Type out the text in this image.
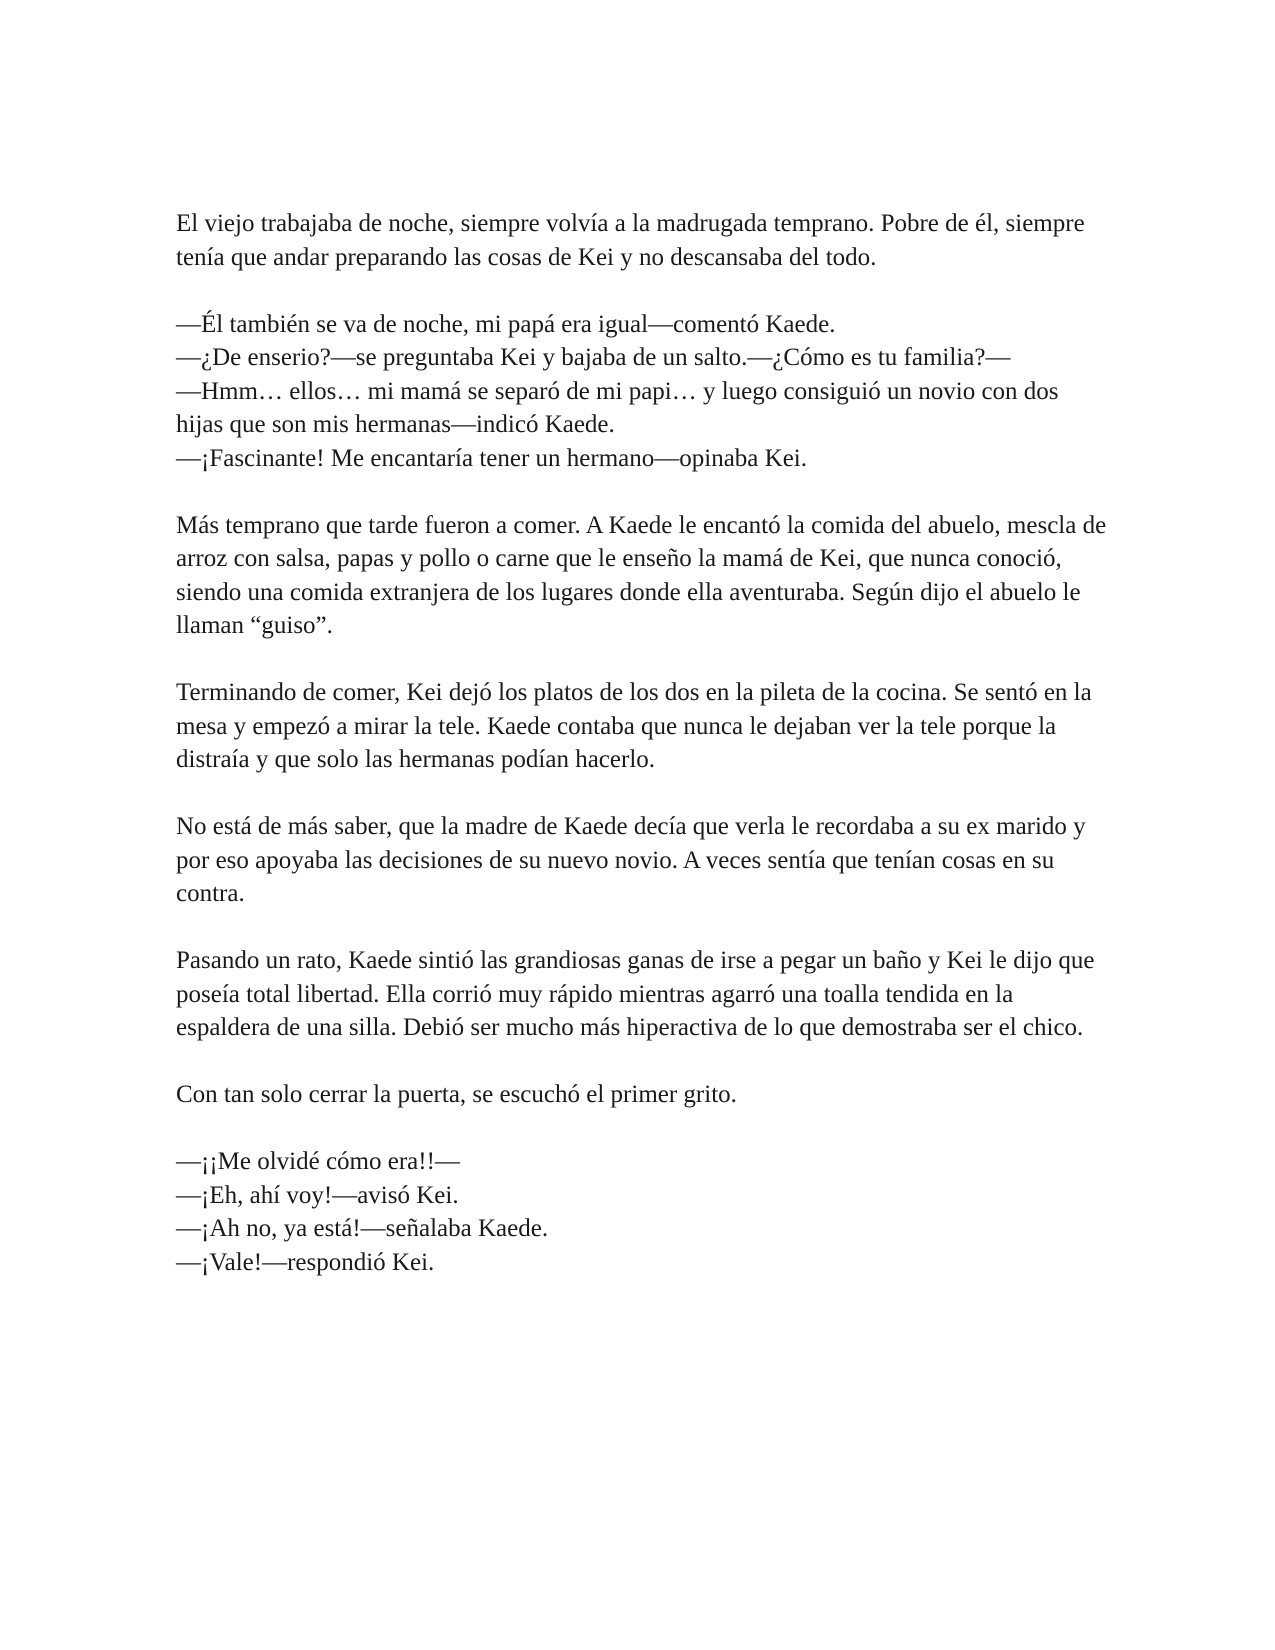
El viejo trabajaba de noche, siempre volvía a la madrugada temprano. Pobre de él, siempre tenía que andar preparando las cosas de Kei y no descansaba del todo.

—Él también se va de noche, mi papá era igual—comentó Kaede.

—¿De enserio?—se preguntaba Kei y bajaba de un salto.—¿Cómo es tu familia?—

—Hmm… ellos… mi mamá se separó de mi papi… y luego consiguió un novio con dos hijas que son mis hermanas—indicó Kaede.

—¡Fascinante! Me encantaría tener un hermano—opinaba Kei.

Más temprano que tarde fueron a comer. A Kaede le encantó la comida del abuelo, mescla de arroz con salsa, papas y pollo o carne que le enseño la mamá de Kei, que nunca conoció, siendo una comida extranjera de los lugares donde ella aventuraba. Según dijo el abuelo le llaman “guiso”.

Terminando de comer, Kei dejó los platos de los dos en la pileta de la cocina. Se sentó en la mesa y empezó a mirar la tele. Kaede contaba que nunca le dejaban ver la tele porque la distraía y que solo las hermanas podían hacerlo.

No está de más saber, que la madre de Kaede decía que verla le recordaba a su ex marido y por eso apoyaba las decisiones de su nuevo novio. A veces sentía que tenían cosas en su contra.

Pasando un rato, Kaede sintió las grandiosas ganas de irse a pegar un baño y Kei le dijo que poseía total libertad. Ella corrió muy rápido mientras agarró una toalla tendida en la espaldera de una silla. Debió ser mucho más hiperactiva de lo que demostraba ser el chico.

Con tan solo cerrar la puerta, se escuchó el primer grito.

—¡¡Me olvidé cómo era!!—

—¡Eh, ahí voy!—avisó Kei.

—¡Ah no, ya está!—señalaba Kaede.

—¡Vale!—respondió Kei.
